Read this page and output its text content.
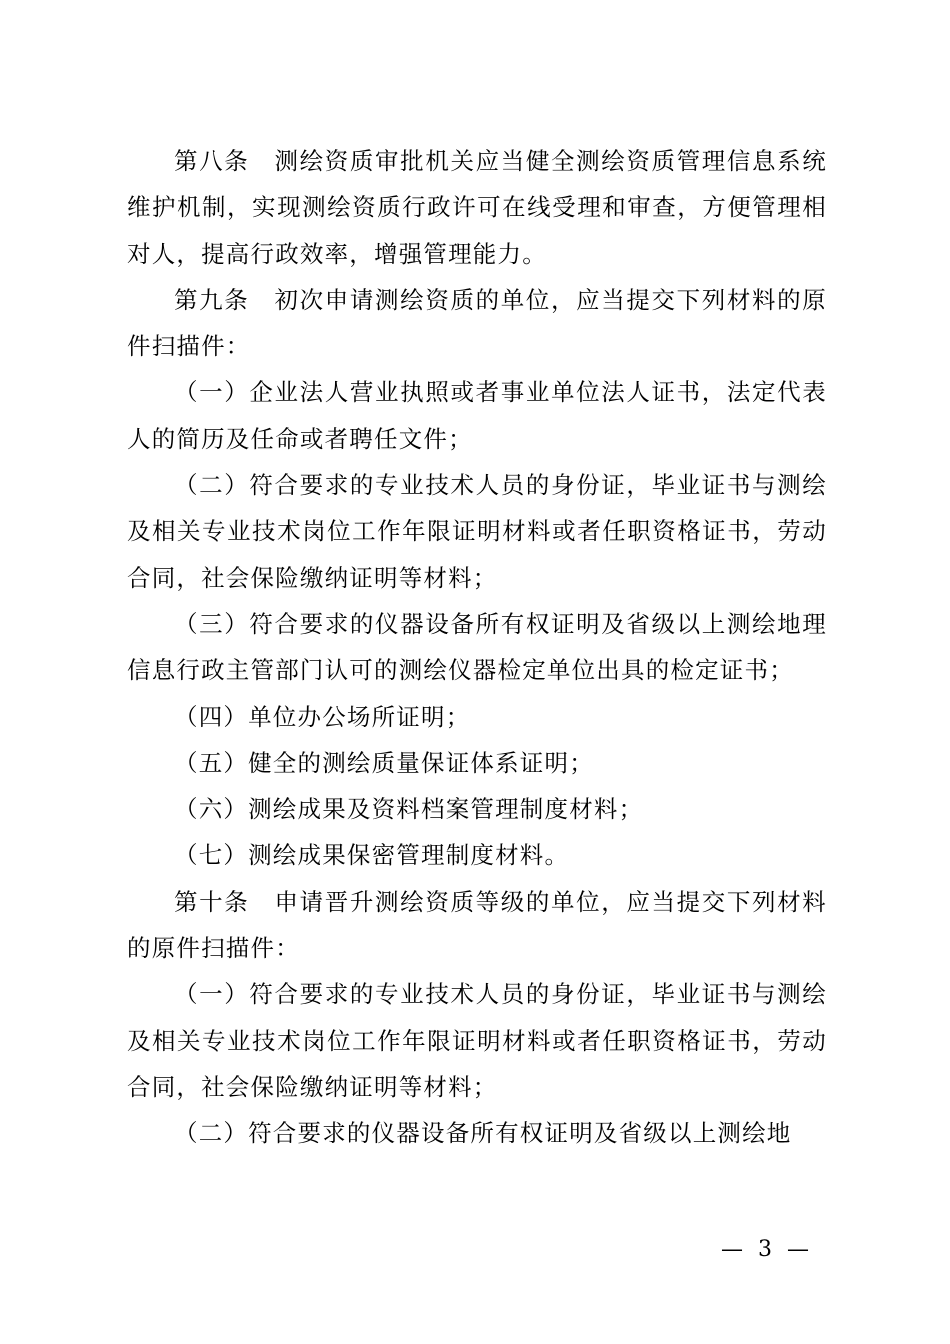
第八条　测绘资质审批机关应当健全测绘资质管理信息系统维护机制，实现测绘资质行政许可在线受理和审查，方便管理相对人，提高行政效率，增强管理能力。

第九条　初次申请测绘资质的单位，应当提交下列材料的原件扫描件：

（一）企业法人营业执照或者事业单位法人证书，法定代表人的简历及任命或者聘任文件；

（二）符合要求的专业技术人员的身份证，毕业证书与测绘及相关专业技术岗位工作年限证明材料或者任职资格证书，劳动合同，社会保险缴纳证明等材料；

（三）符合要求的仪器设备所有权证明及省级以上测绘地理信息行政主管部门认可的测绘仪器检定单位出具的检定证书；

（四）单位办公场所证明；

（五）健全的测绘质量保证体系证明；

（六）测绘成果及资料档案管理制度材料；

（七）测绘成果保密管理制度材料。

第十条　申请晋升测绘资质等级的单位，应当提交下列材料的原件扫描件：

（一）符合要求的专业技术人员的身份证，毕业证书与测绘及相关专业技术岗位工作年限证明材料或者任职资格证书，劳动合同，社会保险缴纳证明等材料；

（二）符合要求的仪器设备所有权证明及省级以上测绘地

— 3 —
